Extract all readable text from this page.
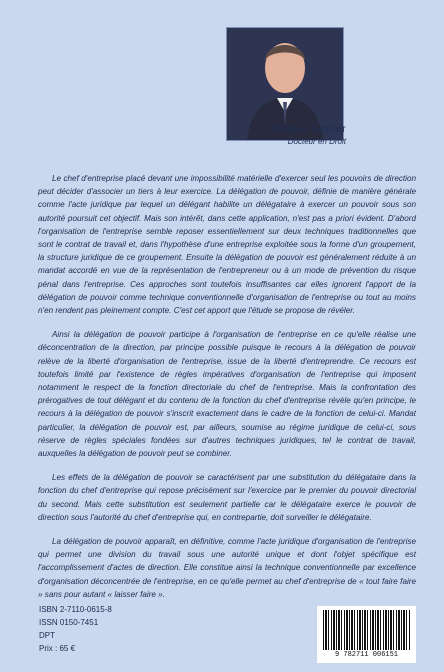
Nicolas Ferrier
Docteur en Droit

Le chef d'entreprise placé devant une impossibilité matérielle d'exercer seul les pouvoirs de direction peut décider d'associer un tiers à leur exercice. La délégation de pouvoir, définie de manière générale comme l'acte juridique par lequel un délégant habilite un délégataire à exercer un pouvoir sous son autorité poursuit cet objectif. Mais son intérêt, dans cette application, n'est pas a priori évident. D'abord l'organisation de l'entreprise semble reposer essentiellement sur deux techniques traditionnelles que sont le contrat de travail et, dans l'hypothèse d'une entreprise exploitée sous la forme d'un groupement, la structure juridique de ce groupement. Ensuite la délégation de pouvoir est généralement réduite à un mandat accordé en vue de la représentation de l'entrepreneur ou à un mode de prévention du risque pénal dans l'entreprise. Ces approches sont toutefois insuffisantes car elles ignorent l'apport de la délégation de pouvoir comme technique conventionnelle d'organisation de l'entreprise ou tout au moins n'en rendent pas pleinement compte. C'est cet apport que l'étude se propose de révéler.

Ainsi la délégation de pouvoir participe à l'organisation de l'entreprise en ce qu'elle réalise une déconcentration de la direction, par principe possible puisque le recours à la délégation de pouvoir relève de la liberté d'organisation de l'entreprise, issue de la liberté d'entreprendre. Ce recours est toutefois limité par l'existence de règles impératives d'organisation de l'entreprise qui imposent notamment le respect de la fonction directoriale du chef de l'entreprise. Mais la confrontation des prérogatives de tout délégant et du contenu de la fonction du chef d'entreprise révèle qu'en principe, le recours à la délégation de pouvoir s'inscrit exactement dans le cadre de la fonction de celui-ci. Mandat particulier, la délégation de pouvoir est, par ailleurs, soumise au régime juridique de celui-ci, sous réserve de règles spéciales fondées sur d'autres techniques juridiques, tel le contrat de travail, auxquelles la délégation de pouvoir peut se combiner.

Les effets de la délégation de pouvoir se caractérisent par une substitution du délégataire dans la fonction du chef d'entreprise qui repose précisément sur l'exercice par le premier du pouvoir directorial du second. Mais cette substitution est seulement partielle car le délégataire exerce le pouvoir de direction sous l'autorité du chef d'entreprise qui, en contrepartie, doit surveiller le délégataire.

La délégation de pouvoir apparaît, en définitive, comme l'acte juridique d'organisation de l'entreprise qui permet une division du travail sous une autorité unique et dont l'objet spécifique est l'accomplissement d'actes de direction. Elle constitue ainsi la technique conventionnelle par excellence d'organisation déconcentrée de l'entreprise, en ce qu'elle permet au chef d'entreprise de « tout faire faire » sans pour autant « laisser faire ».

ISBN 2-7110-0615-8
ISSN 0150-7451
DPT
Prix : 65 €
9 782711 006151
